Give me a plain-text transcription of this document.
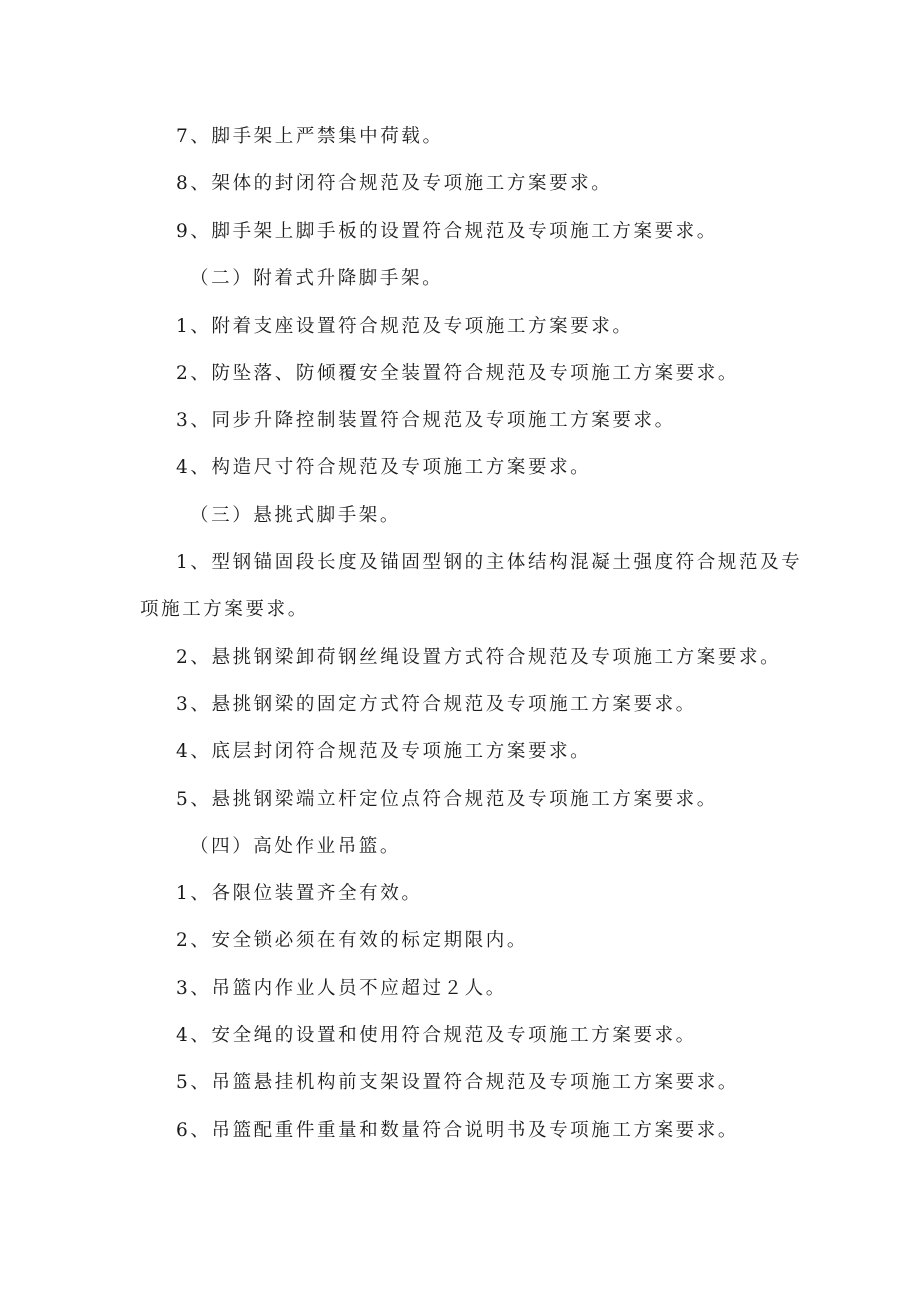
7、脚手架上严禁集中荷载。
8、架体的封闭符合规范及专项施工方案要求。
9、脚手架上脚手板的设置符合规范及专项施工方案要求。
（二）附着式升降脚手架。
1、附着支座设置符合规范及专项施工方案要求。
2、防坠落、防倾覆安全装置符合规范及专项施工方案要求。
3、同步升降控制装置符合规范及专项施工方案要求。
4、构造尺寸符合规范及专项施工方案要求。
（三）悬挑式脚手架。
1、型钢锚固段长度及锚固型钢的主体结构混凝土强度符合规范及专
项施工方案要求。
2、悬挑钢梁卸荷钢丝绳设置方式符合规范及专项施工方案要求。
3、悬挑钢梁的固定方式符合规范及专项施工方案要求。
4、底层封闭符合规范及专项施工方案要求。
5、悬挑钢梁端立杆定位点符合规范及专项施工方案要求。
（四）高处作业吊篮。
1、各限位装置齐全有效。
2、安全锁必须在有效的标定期限内。
3、吊篮内作业人员不应超过２人。
4、安全绳的设置和使用符合规范及专项施工方案要求。
5、吊篮悬挂机构前支架设置符合规范及专项施工方案要求。
6、吊篮配重件重量和数量符合说明书及专项施工方案要求。
